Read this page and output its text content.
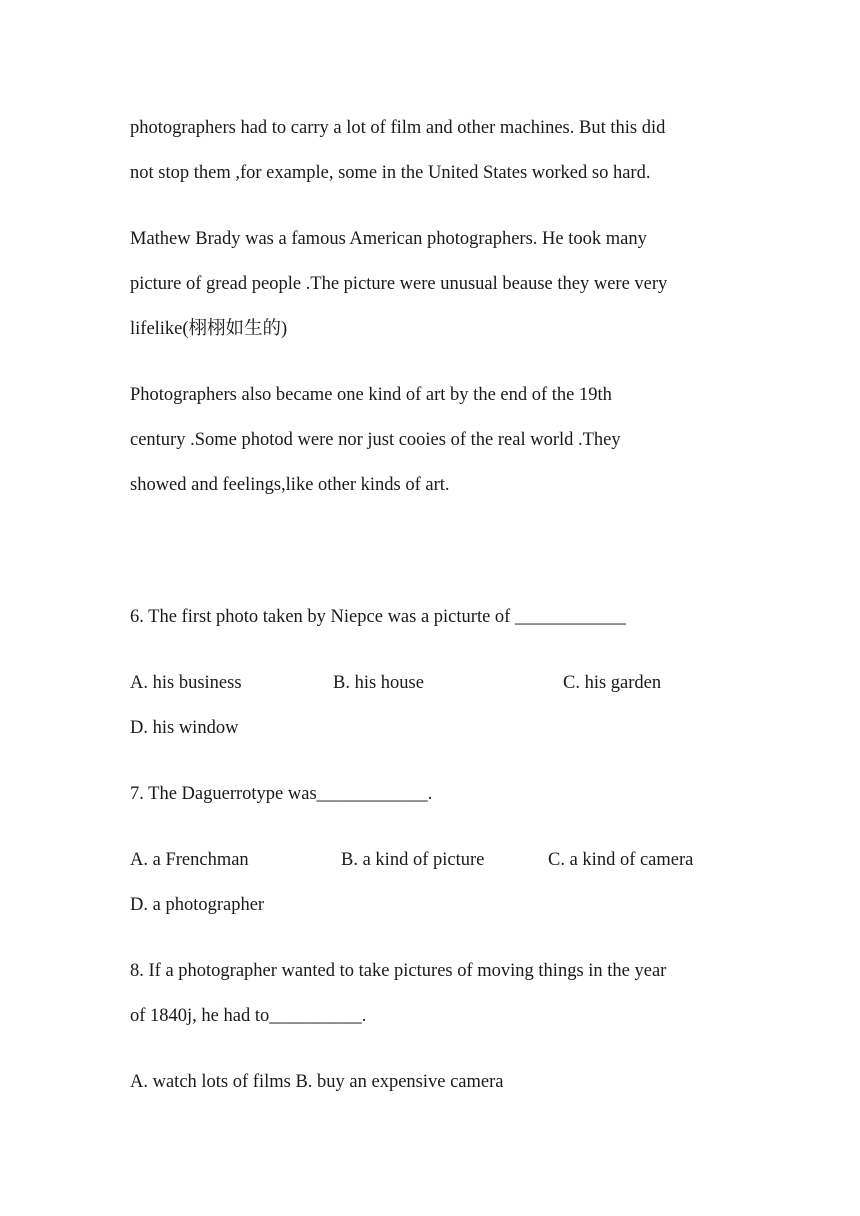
photographers had to carry a lot of film and other machines. But this did
not stop them ,for example, some in the United States worked so hard.
Mathew Brady was a famous American photographers. He took many
picture of gread people .The picture were unusual beause they were very
lifelike(栩栩如生的)
Photographers also became one kind of art by the end of the 19th
century .Some photod were nor just cooies of the real world .They
showed and feelings,like other kinds of art.
6. The first photo taken by Niepce was a picturte of ____________
A. his business	B. his house	C. his garden
D. his window
7. The Daguerrotype was____________.
A. a Frenchman	B. a kind of picture	C. a kind of camera
D. a photographer
8. If a photographer wanted to take pictures of moving things in the year
of 1840j, he had to__________.
A. watch lots of films B. buy an expensive camera
